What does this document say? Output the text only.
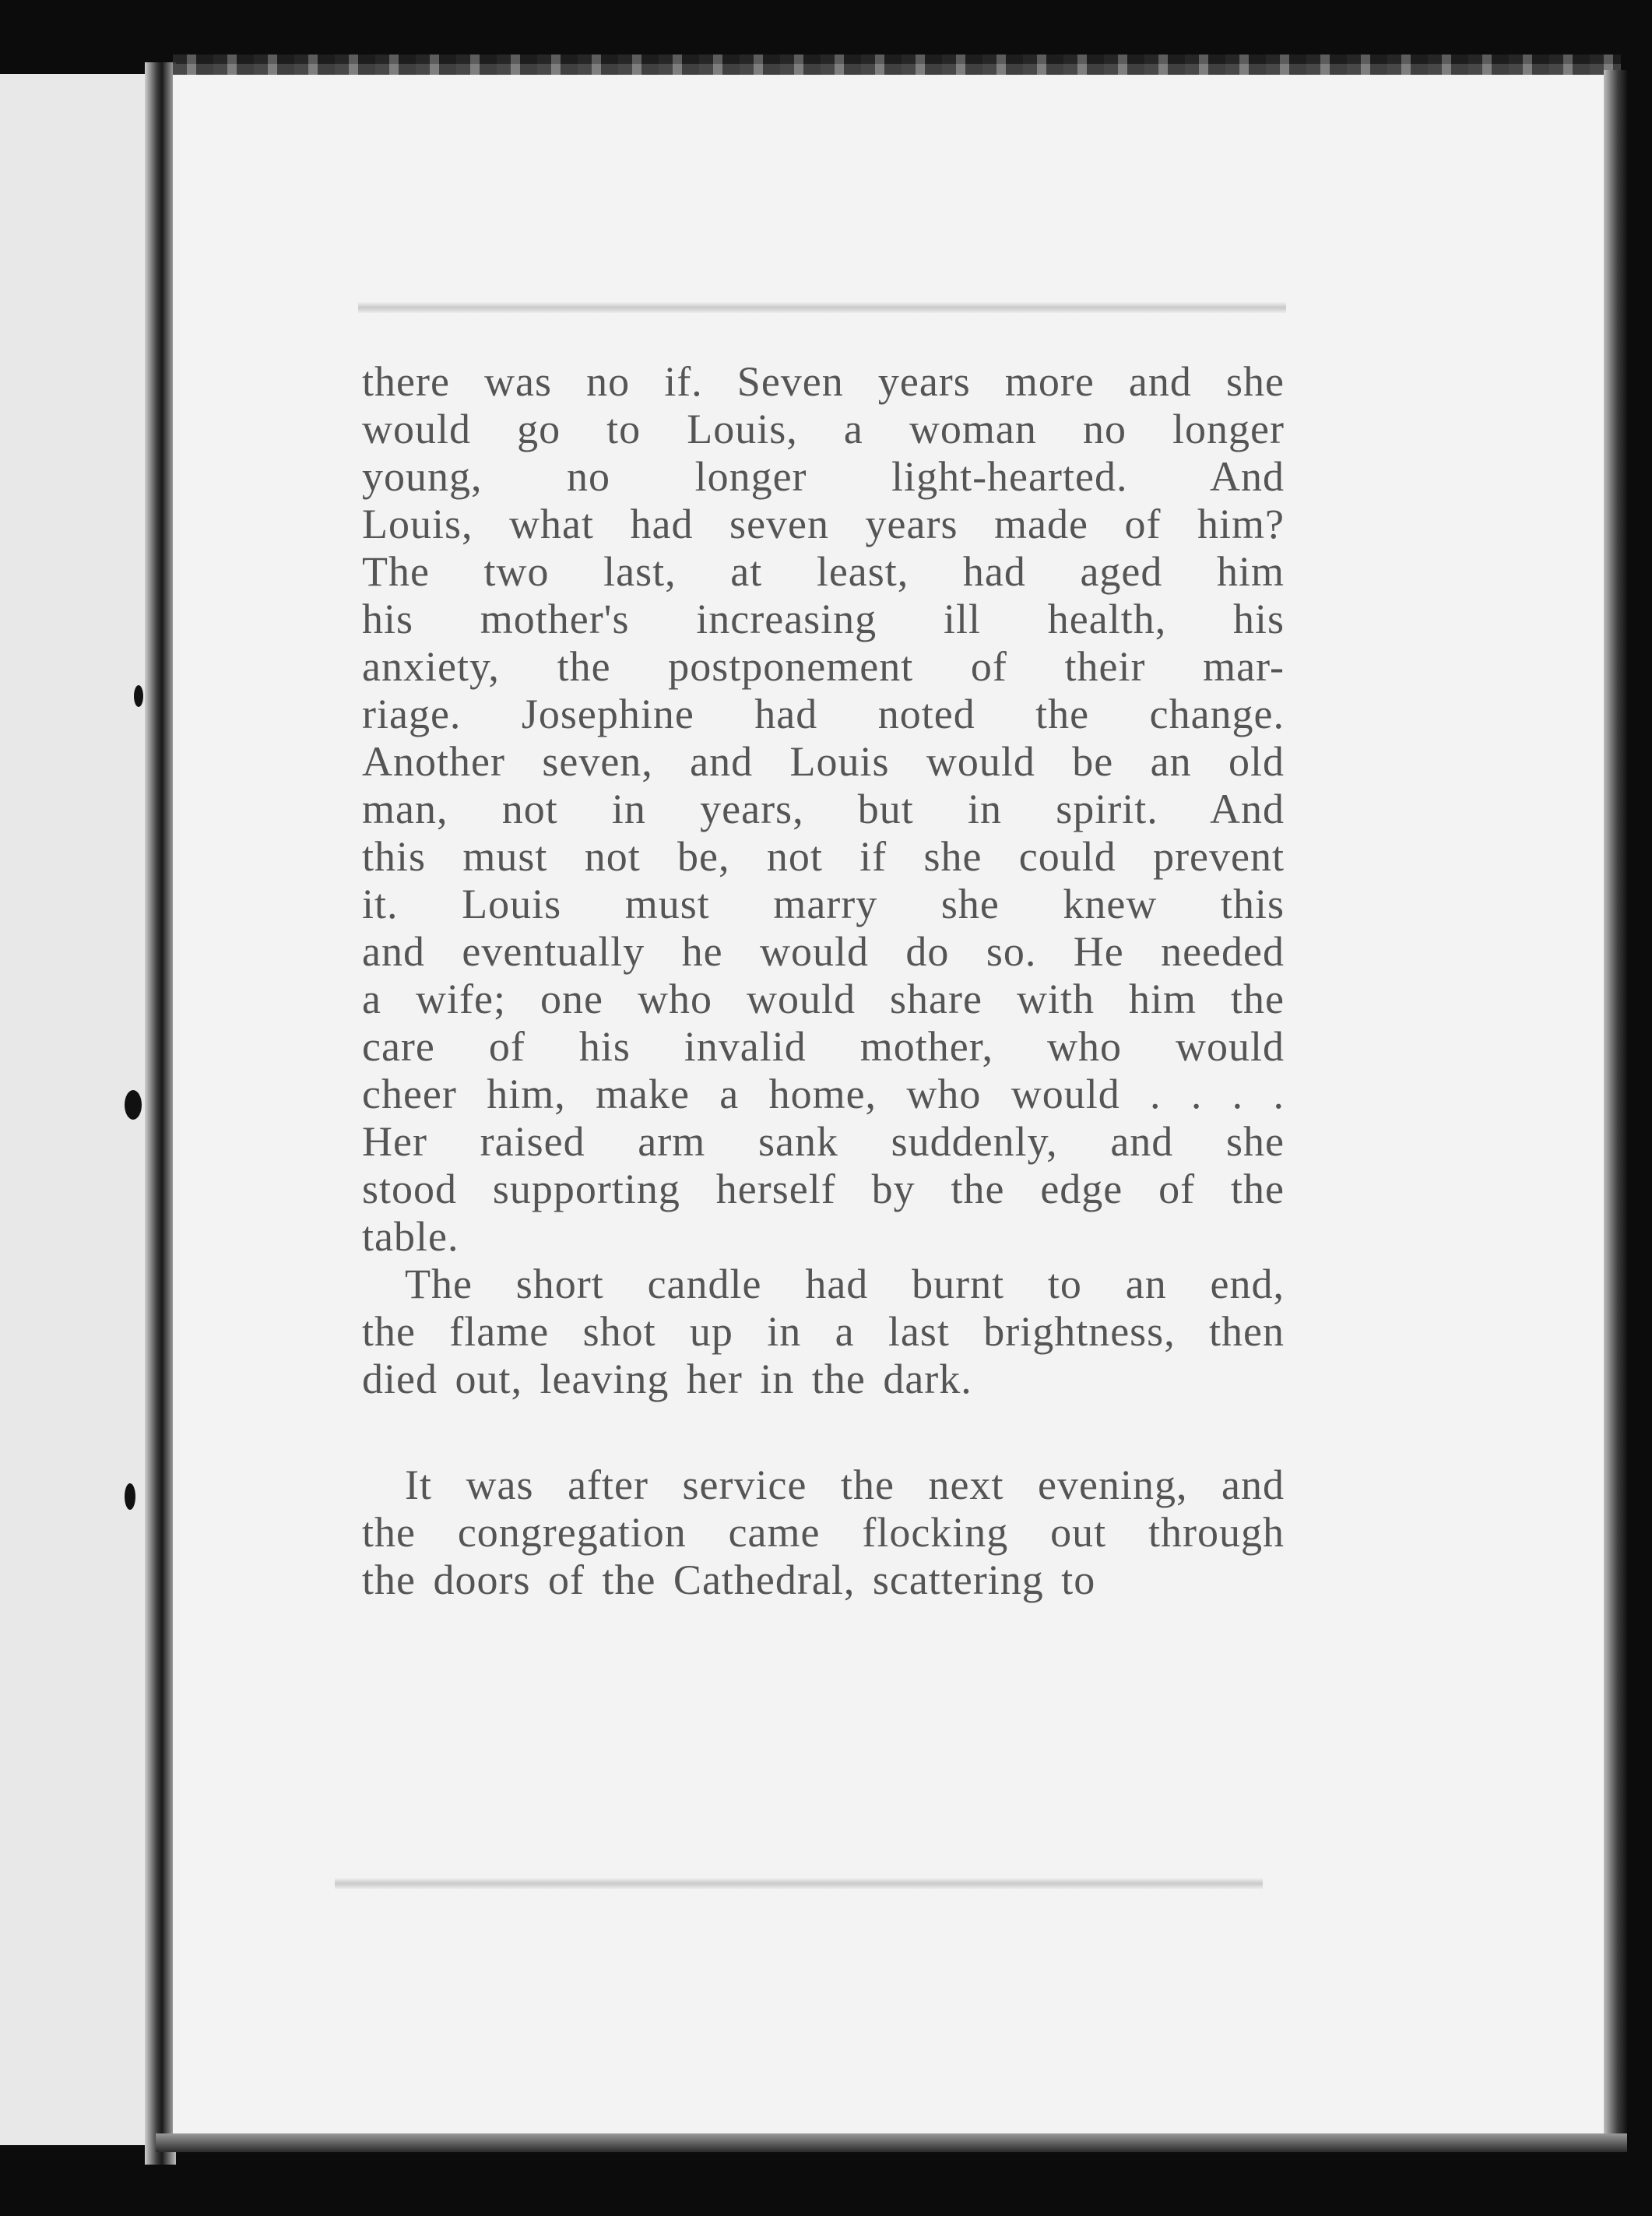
there was no if. Seven years more and she
would go to Louis, a woman no longer
young, no longer light-hearted. And
Louis, what had seven years made of him?
The two last, at least, had aged him
his mother's increasing ill health, his
anxiety, the postponement of their mar-
riage. Josephine had noted the change.
Another seven, and Louis would be an old
man, not in years, but in spirit. And
this must not be, not if she could prevent
it. Louis must marry she knew this
and eventually he would do so. He needed
a wife; one who would share with him the
care of his invalid mother, who would
cheer him, make a home, who would . . . .
Her raised arm sank suddenly, and she
stood supporting herself by the edge of the
table.
The short candle had burnt to an end,
the flame shot up in a last brightness, then
died out, leaving her in the dark.
It was after service the next evening, and
the congregation came flocking out through
the doors of the Cathedral, scattering to
